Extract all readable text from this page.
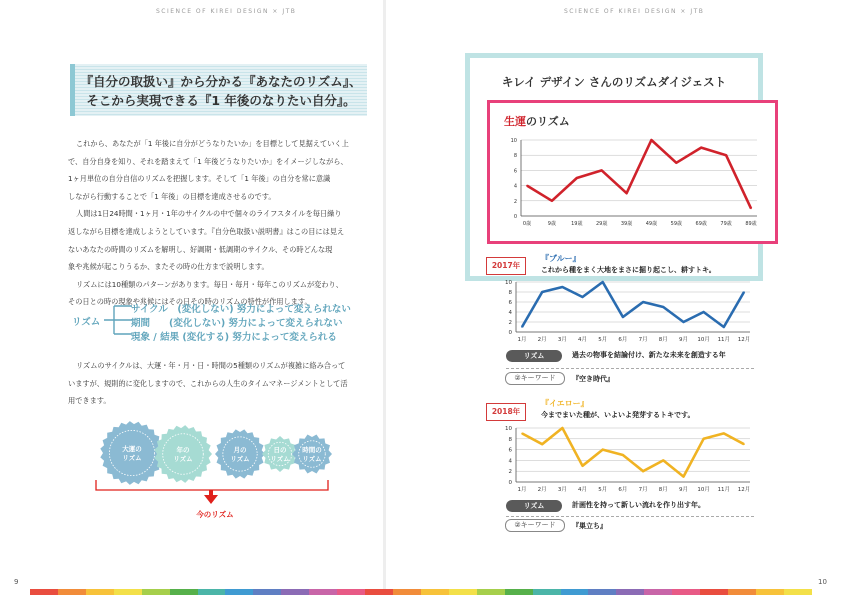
SCIENCE OF KIREI DESIGN × JTB
『自分の取扱い』から分かる『あなたのリズム』、
そこから実現できる『1 年後のなりたい自分』。
これから、あなたが「1 年後に自分がどうなりたいか」を目標として見据えていく上
で、自分自身を知り、それを踏まえて「1 年後どうなりたいか」をイメージしながら、
1ヶ月単位の自分自信のリズムを把握します。そして「1 年後」の自分を常に意識
しながら行動することで「1 年後」の目標を達成させるのです。
人間は1日24時間・1ヶ月・1年のサイクルの中で個々のライフスタイルを毎日繰り
返しながら目標を達成しようとしています。『自分色取扱い説明書』はこの目には見え
ないあなたの時間のリズムを解明し、好調期・低調期のサイクル、その時どんな現
象や兆候が起こりうるか、またその時の仕方まで説明します。
リズムには10種類のパターンがあります。毎日・毎月・毎年このリズムが変わり、
その日との時の現象や兆候にはその日その時のリズムの特性が作用します。
リズム
サイクル　(変化しない) 努力によって変えられない
期間　　(変化しない) 努力によって変えられない
現象 / 結果 (変化する) 努力によって変えられる
リズムのサイクルは、大運・年・月・日・時間の5種類のリズムが複雑に絡み合って
いますが、規則的に変化しますので、これからの人生のタイムマネージメントとして活
用できます。
大運の
リズム
年の
リズム
月の
リズム
日の
リズム
時間の
リズム
今のリズム
9
SCIENCE OF KIREI DESIGN × JTB
10
キレイ デザイン さんのリズムダイジェスト
生運のリズム
0
2
4
6
8
10
0歳	9歳	19歳	29歳	39歳	49歳	59歳	69歳	79歳	89歳
2017年
『ブルー』
これから種をまく大地をまさに掘り起こし、耕すトキ。
0
2
4
6
8
10
1月 2月 3月 4月 5月 6月 7月 8月 9月 10月 11月 12月
リズム	過去の物事を結論付け、新たな未来を創造する年
②キーワード	『空き時代』
2018年
『イエロー』
今までまいた種が、いよいよ発芽するトキです。
0
2
4
6
8
10
1月 2月 3月 4月 5月 6月 7月 8月 9月 10月 11月 12月
リズム	計画性を持って新しい流れを作り出す年。
②キーワード	『巣立ち』
